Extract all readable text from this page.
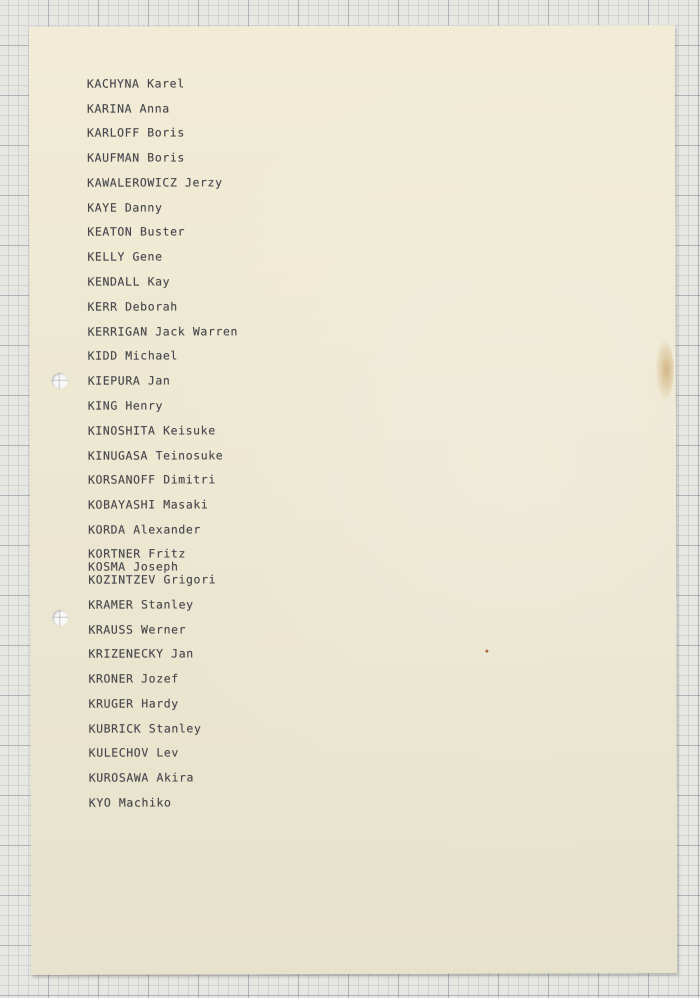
KACHYNA Karel

KARINA Anna

KARLOFF Boris

KAUFMAN Boris

KAWALEROWICZ Jerzy

KAYE Danny

KEATON Buster

KELLY Gene

KENDALL Kay

KERR Deborah

KERRIGAN Jack Warren

KIDD Michael

KIEPURA Jan

KING Henry

KINOSHITA Keisuke

KINUGASA Teinosuke

KORSANOFF Dimitri

KOBAYASHI Masaki

KORDA Alexander

KORTNER Fritz

KOSMA Joseph

KOZINTZEV Grigori

KRAMER Stanley

KRAUSS Werner

KRIZENECKY Jan

KRONER Jozef

KRUGER Hardy

KUBRICK Stanley

KULECHOV Lev

KUROSAWA Akira

KYO Machiko
